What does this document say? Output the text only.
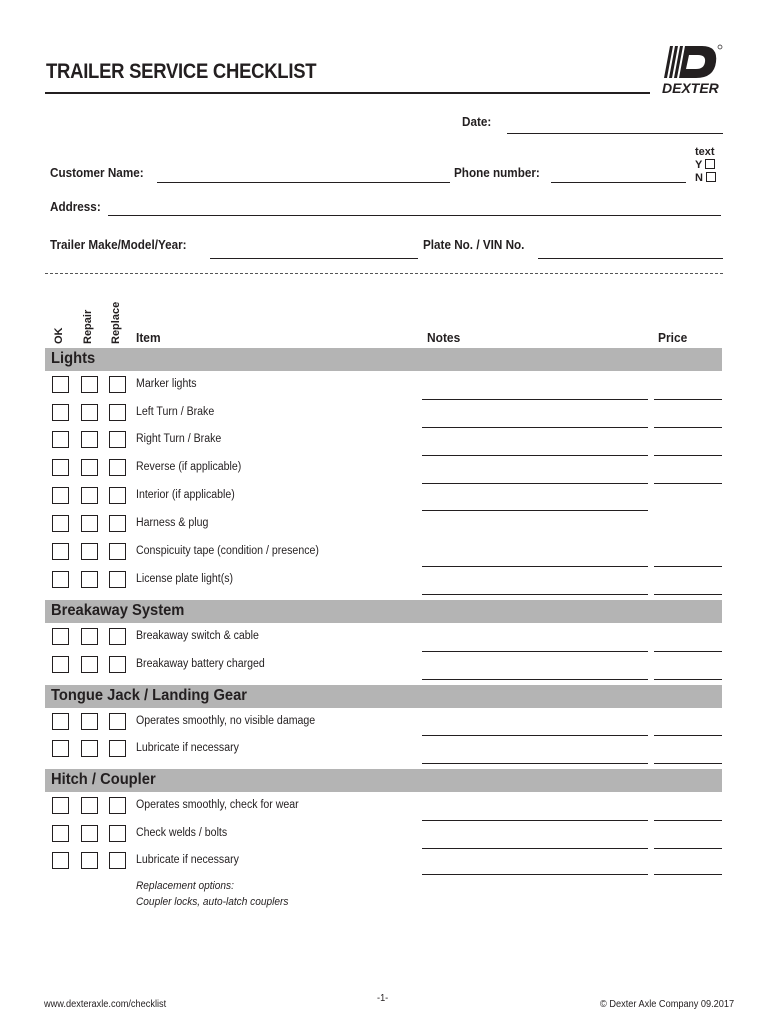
TRAILER SERVICE CHECKLIST
DEXTER
Date:
Customer Name:	Phone number:
text
Y
N
Address:
Trailer Make/Model/Year:	Plate No. / VIN No.
OK Repair Replace Item	Notes	Price
Lights
Marker lights
Left Turn / Brake
Right Turn / Brake
Reverse (if applicable)
Interior (if applicable)
Harness & plug
Conspicuity tape (condition / presence)
License plate light(s)
Breakaway System
Breakaway switch & cable
Breakaway battery charged
Tongue Jack / Landing Gear
Operates smoothly, no visible damage
Lubricate if necessary
Hitch / Coupler
Operates smoothly, check for wear
Check welds / bolts
Lubricate if necessary
Replacement options:
Coupler locks, auto-latch couplers
www.dexteraxle.com/checklist
-1-
© Dexter Axle Company 09.2017
